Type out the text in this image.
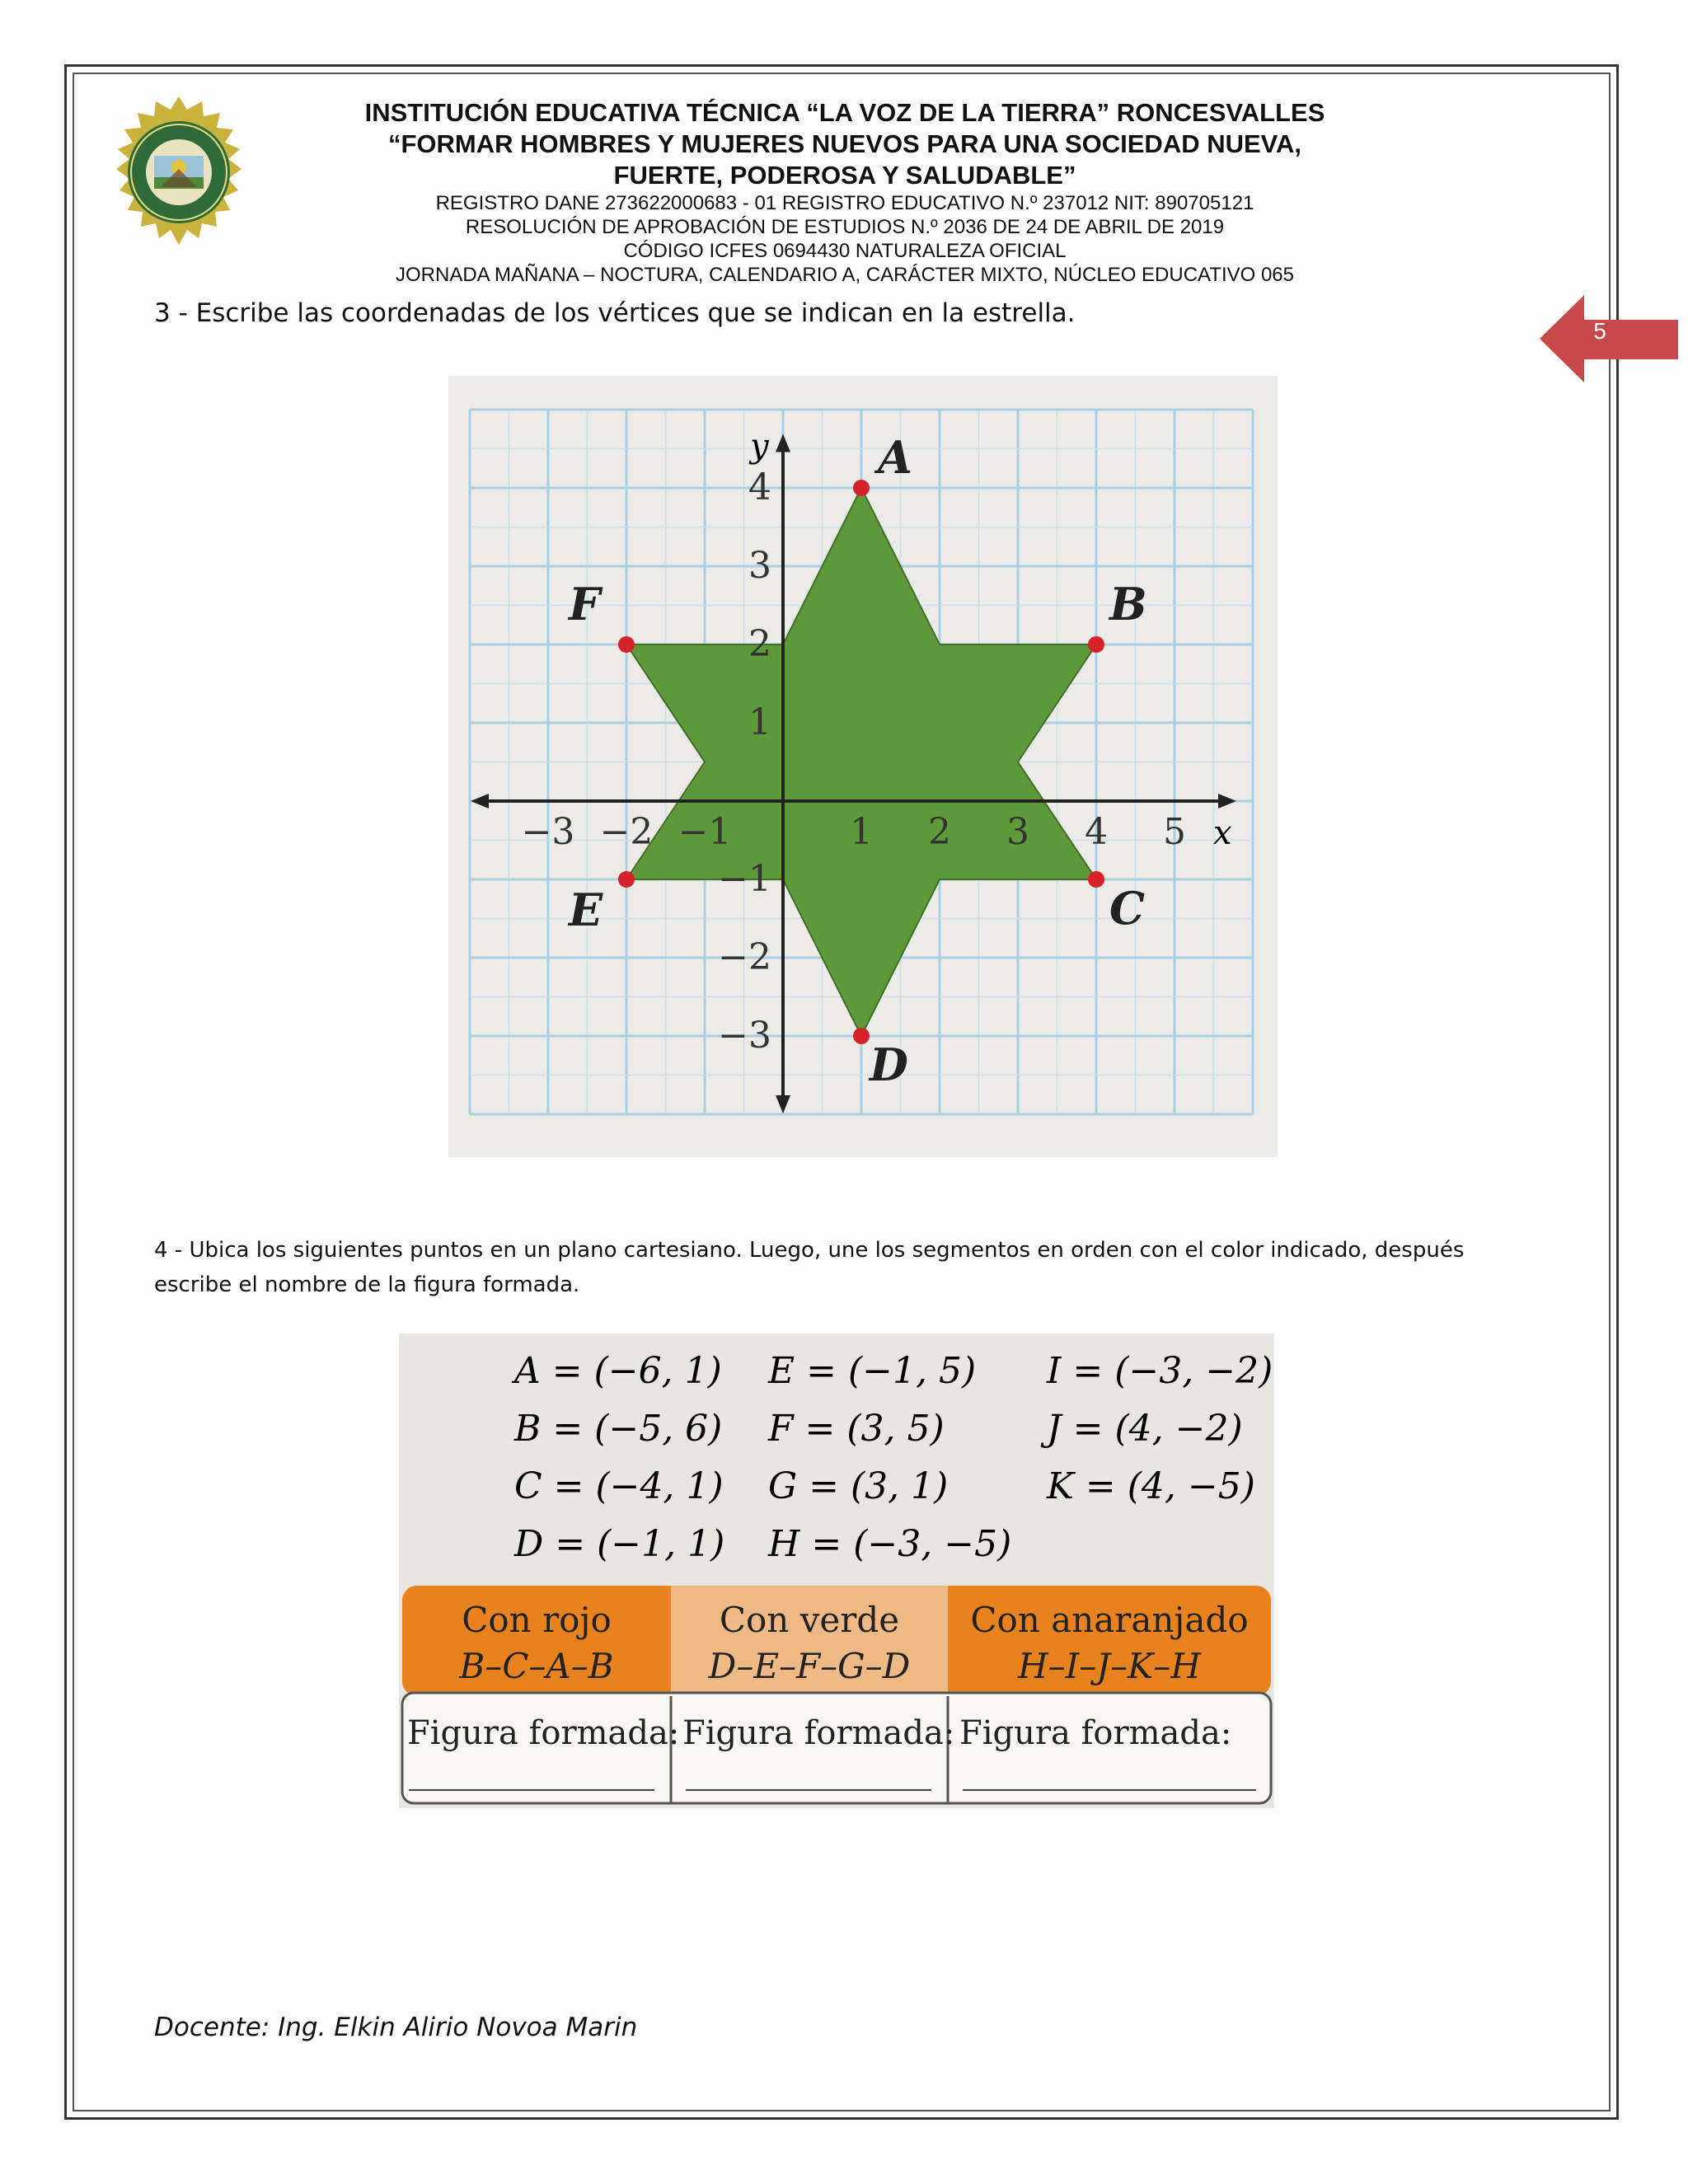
INSTITUCIÓN EDUCATIVA TÉCNICA “LA VOZ DE LA TIERRA” RONCESVALLES
“FORMAR HOMBRES Y MUJERES NUEVOS PARA UNA SOCIEDAD NUEVA,
FUERTE, PODEROSA Y SALUDABLE”
REGISTRO DANE 273622000683 - 01 REGISTRO EDUCATIVO N.º 237012 NIT: 890705121
RESOLUCIÓN DE APROBACIÓN DE ESTUDIOS N.º 2036 DE 24 DE ABRIL DE 2019
CÓDIGO ICFES 0694430 NATURALEZA OFICIAL
JORNADA MAÑANA – NOCTURA, CALENDARIO A, CARÁCTER MIXTO, NÚCLEO EDUCATIVO 065
5
3 - Escribe las coordenadas de los vértices que se indican en la estrella.
−3 −2 −1	1 2 3 4 5
4
3
2
1
−1
−2
−3
A
B
C
D
E
F
x
y
4 - Ubica los siguientes puntos en un plano cartesiano. Luego, une los segmentos en orden con el color indicado, después escribe el nombre de la figura formada.
A = (−6, 1)
B = (−5, 6)
C = (−4, 1)
D = (−1, 1)
E = (−1, 5)
F = (3, 5)
G = (3, 1)
H = (−3, −5)
I = (−3, −2)
J = (4, −2)
K = (4, −5)
Con rojo
B–C–A–B
Con verde
D–E–F–G–D
Con anaranjado
H–I–J–K–H
Figura formada: Figura formada: Figura formada:
Docente: Ing. Elkin Alirio Novoa Marin
